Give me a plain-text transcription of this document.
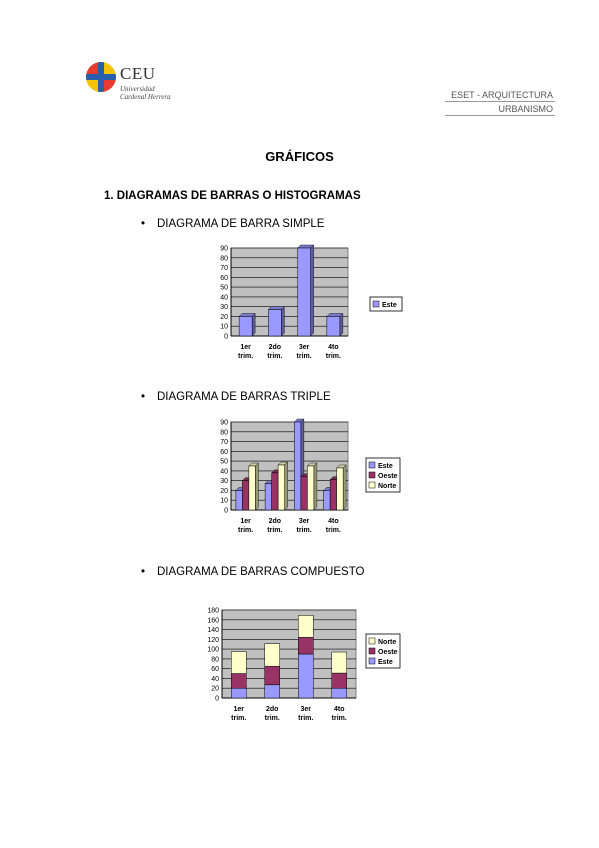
CEU
Universidad
Cardenal Herrera	ESET - ARQUITECTURA
URBANISMO
GRÁFICOS
1. DIAGRAMAS DE BARRAS O HISTOGRAMAS
• DIAGRAMA DE BARRA SIMPLE
0
10
20
30
40
50
60
70
80
90
1er
trim.
2do
trim.
3er
trim.
4to
trim.
Este
• DIAGRAMA DE BARRAS TRIPLE
0
10
20
30
40
50
60
70
80
90
1er
trim.
2do
trim.
3er
trim.
4to
trim.
Este
Oeste
Norte
• DIAGRAMA DE BARRAS COMPUESTO
0
20
40
60
80
100
120
140
160
180
1er
trim.
2do
trim.
3er
trim.
4to
trim.
Norte
Oeste
Este
